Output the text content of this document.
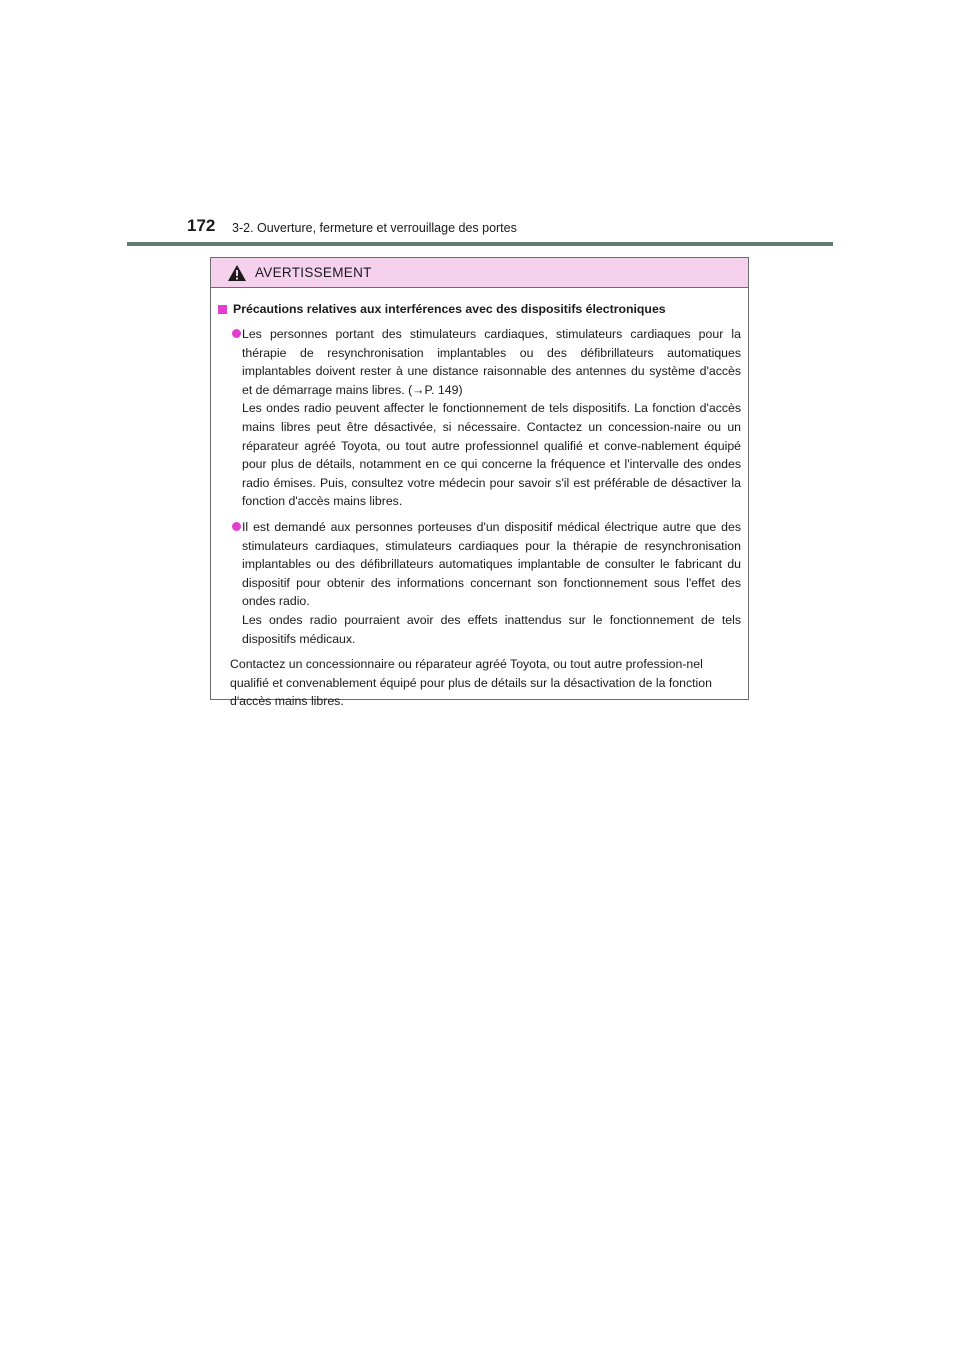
172 3-2. Ouverture, fermeture et verrouillage des portes
AVERTISSEMENT
Précautions relatives aux interférences avec des dispositifs électroniques

Les personnes portant des stimulateurs cardiaques, stimulateurs cardiaques pour la thérapie de resynchronisation implantables ou des défibrillateurs automatiques implantables doivent rester à une distance raisonnable des antennes du système d'accès et de démarrage mains libres. (→P. 149)

Les ondes radio peuvent affecter le fonctionnement de tels dispositifs. La fonction d'accès mains libres peut être désactivée, si nécessaire. Contactez un concession-naire ou un réparateur agréé Toyota, ou tout autre professionnel qualifié et conve-nablement équipé pour plus de détails, notamment en ce qui concerne la fréquence et l'intervalle des ondes radio émises. Puis, consultez votre médecin pour savoir s'il est préférable de désactiver la fonction d'accès mains libres.

Il est demandé aux personnes porteuses d'un dispositif médical électrique autre que des stimulateurs cardiaques, stimulateurs cardiaques pour la thérapie de resynchronisation implantables ou des défibrillateurs automatiques implantable de consulter le fabricant du dispositif pour obtenir des informations concernant son fonctionnement sous l'effet des ondes radio.

Les ondes radio pourraient avoir des effets inattendus sur le fonctionnement de tels dispositifs médicaux.

Contactez un concessionnaire ou réparateur agréé Toyota, ou tout autre profession-nel qualifié et convenablement équipé pour plus de détails sur la désactivation de la fonction d'accès mains libres.
